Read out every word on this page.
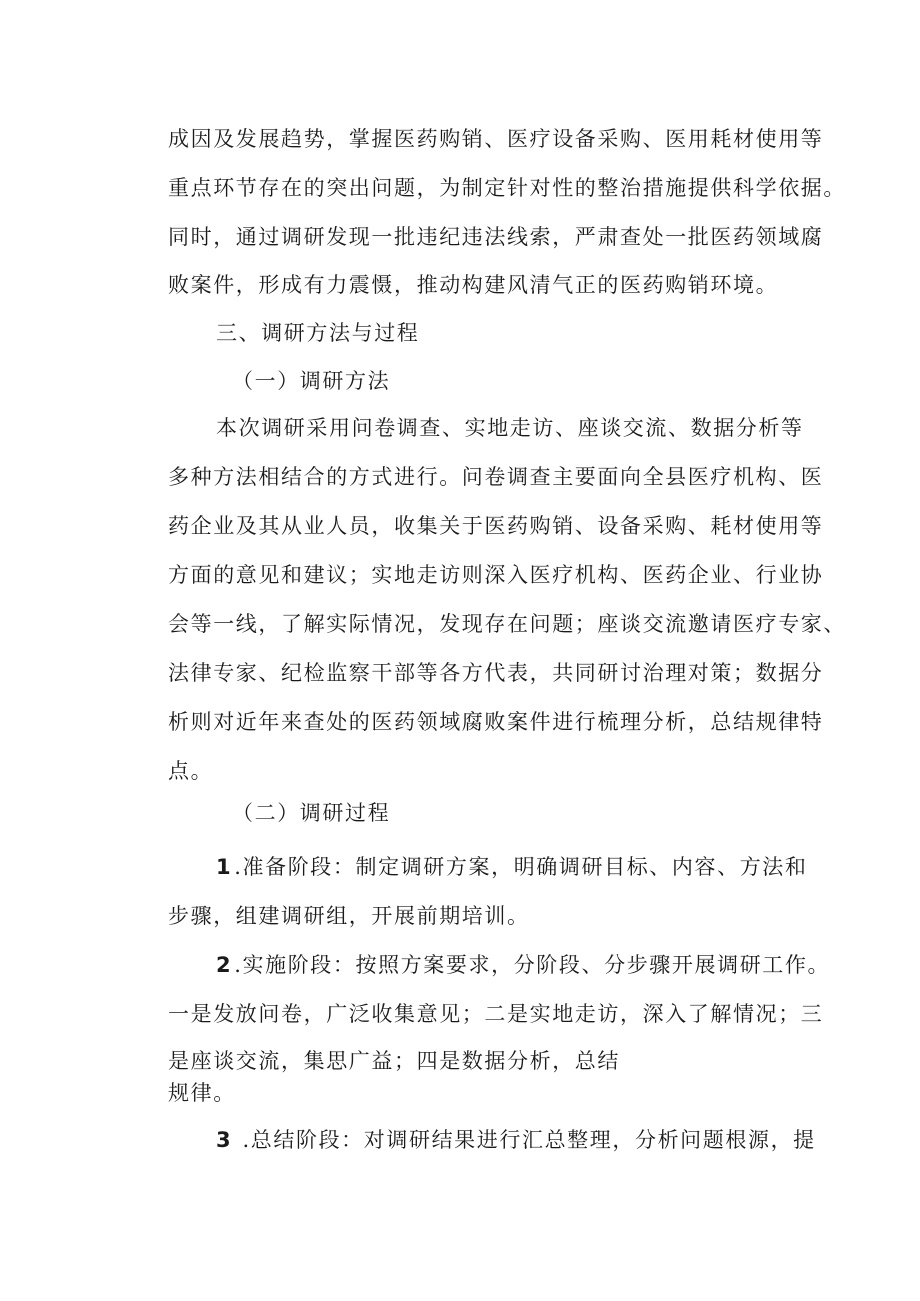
成因及发展趋势，掌握医药购销、医疗设备采购、医用耗材使用等
重点环节存在的突出问题，为制定针对性的整治措施提供科学依据。
同时，通过调研发现一批违纪违法线索，严肃查处一批医药领域腐
败案件，形成有力震慑，推动构建风清气正的医药购销环境。
三、调研方法与过程
（一）调研方法
本次调研采用问卷调查、实地走访、座谈交流、数据分析等
多种方法相结合的方式进行。问卷调查主要面向全县医疗机构、医
药企业及其从业人员，收集关于医药购销、设备采购、耗材使用等
方面的意见和建议；实地走访则深入医疗机构、医药企业、行业协
会等一线，了解实际情况，发现存在问题；座谈交流邀请医疗专家、
法律专家、纪检监察干部等各方代表，共同研讨治理对策；数据分
析则对近年来查处的医药领域腐败案件进行梳理分析，总结规律特
点。
（二）调研过程
1.准备阶段：制定调研方案，明确调研目标、内容、方法和
步骤，组建调研组，开展前期培训。
2.实施阶段：按照方案要求，分阶段、分步骤开展调研工作。
一是发放问卷，广泛收集意见；二是实地走访，深入了解情况；三
是座谈交流，集思广益；四是数据分析，总结
规律。
3 .总结阶段：对调研结果进行汇总整理，分析问题根源，提
